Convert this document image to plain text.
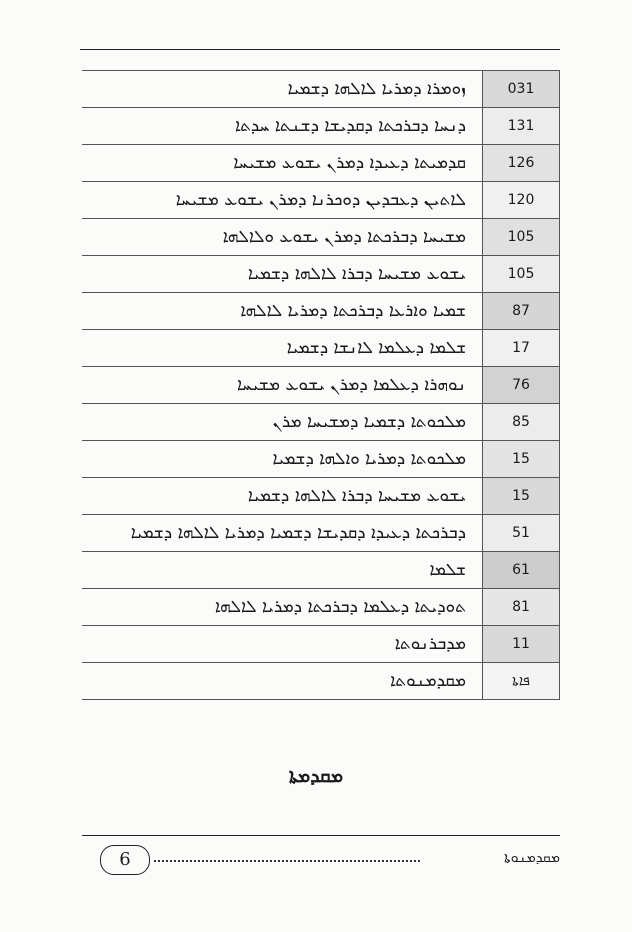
ܙܘܡܪܐ ܕܡܪܝܐ ܠܐܠܗܐ ܕܫܡܝܐ	031
ܕܢܚܐ ܕܒܪܟܬܐ ܕܩܕܝܫܐ ܕܫܢܬܐ ܚܕܬܐ	131
ܩܕܡܝܬܐ ܕܥܝܕܐ ܕܡܪܢ ܝܫܘܥ ܡܫܝܚܐ	126
ܠܐܬܝܢ ܕܥܒܕܝܢ ܕܘܟܪܢܐ ܕܡܪܢ ܝܫܘܥ ܡܫܝܚܐ	120
ܡܫܝܚܐ ܕܒܪܟܬܐ ܕܡܪܢ ܝܫܘܥ ܘܠܐܠܗܐ	105
ܝܫܘܥ ܡܫܝܚܐ ܕܒܪܐ ܠܐܠܗܐ ܕܫܡܝܐ	105
ܫܡܝܐ ܘܐܪܥܐ ܕܒܪܟܬܐ ܕܡܪܝܐ ܠܐܠܗܐ	87
ܫܠܡܐ ܕܥܠܡܐ ܠܐܢܫܐ ܕܫܡܝܐ	17
ܢܘܗܪܐ ܕܥܠܡܐ ܕܡܪܢ ܝܫܘܥ ܡܫܝܚܐ	76
ܡܠܟܘܬܐ ܕܫܡܝܐ ܕܡܫܝܚܐ ܡܪܢ	85
ܡܠܟܘܬܐ ܕܡܪܝܐ ܘܐܠܗܐ ܕܫܡܝܐ	15
ܝܫܘܥ ܡܫܝܚܐ ܕܒܪܐ ܠܐܠܗܐ ܕܫܡܝܐ	15
ܕܒܪܟܬܐ ܕܥܝܕܐ ܕܩܕܝܫܐ ܕܫܡܝܐ ܕܡܪܝܐ ܠܐܠܗܐ ܕܫܡܝܐ	51
ܫܠܡܐ	61
ܬܘܕܝܬܐ ܕܥܠܡܐ ܕܒܪܟܬܐ ܕܡܪܝܐ ܠܐܠܗܐ	81
ܡܕܒܪܢܘܬܐ	11
ܡܩܕܡܢܘܬܐ	ܦܐܬܐ
ܡܩܕܡܬܐ
6	ܡܩܕܡܢܘܬܐ
